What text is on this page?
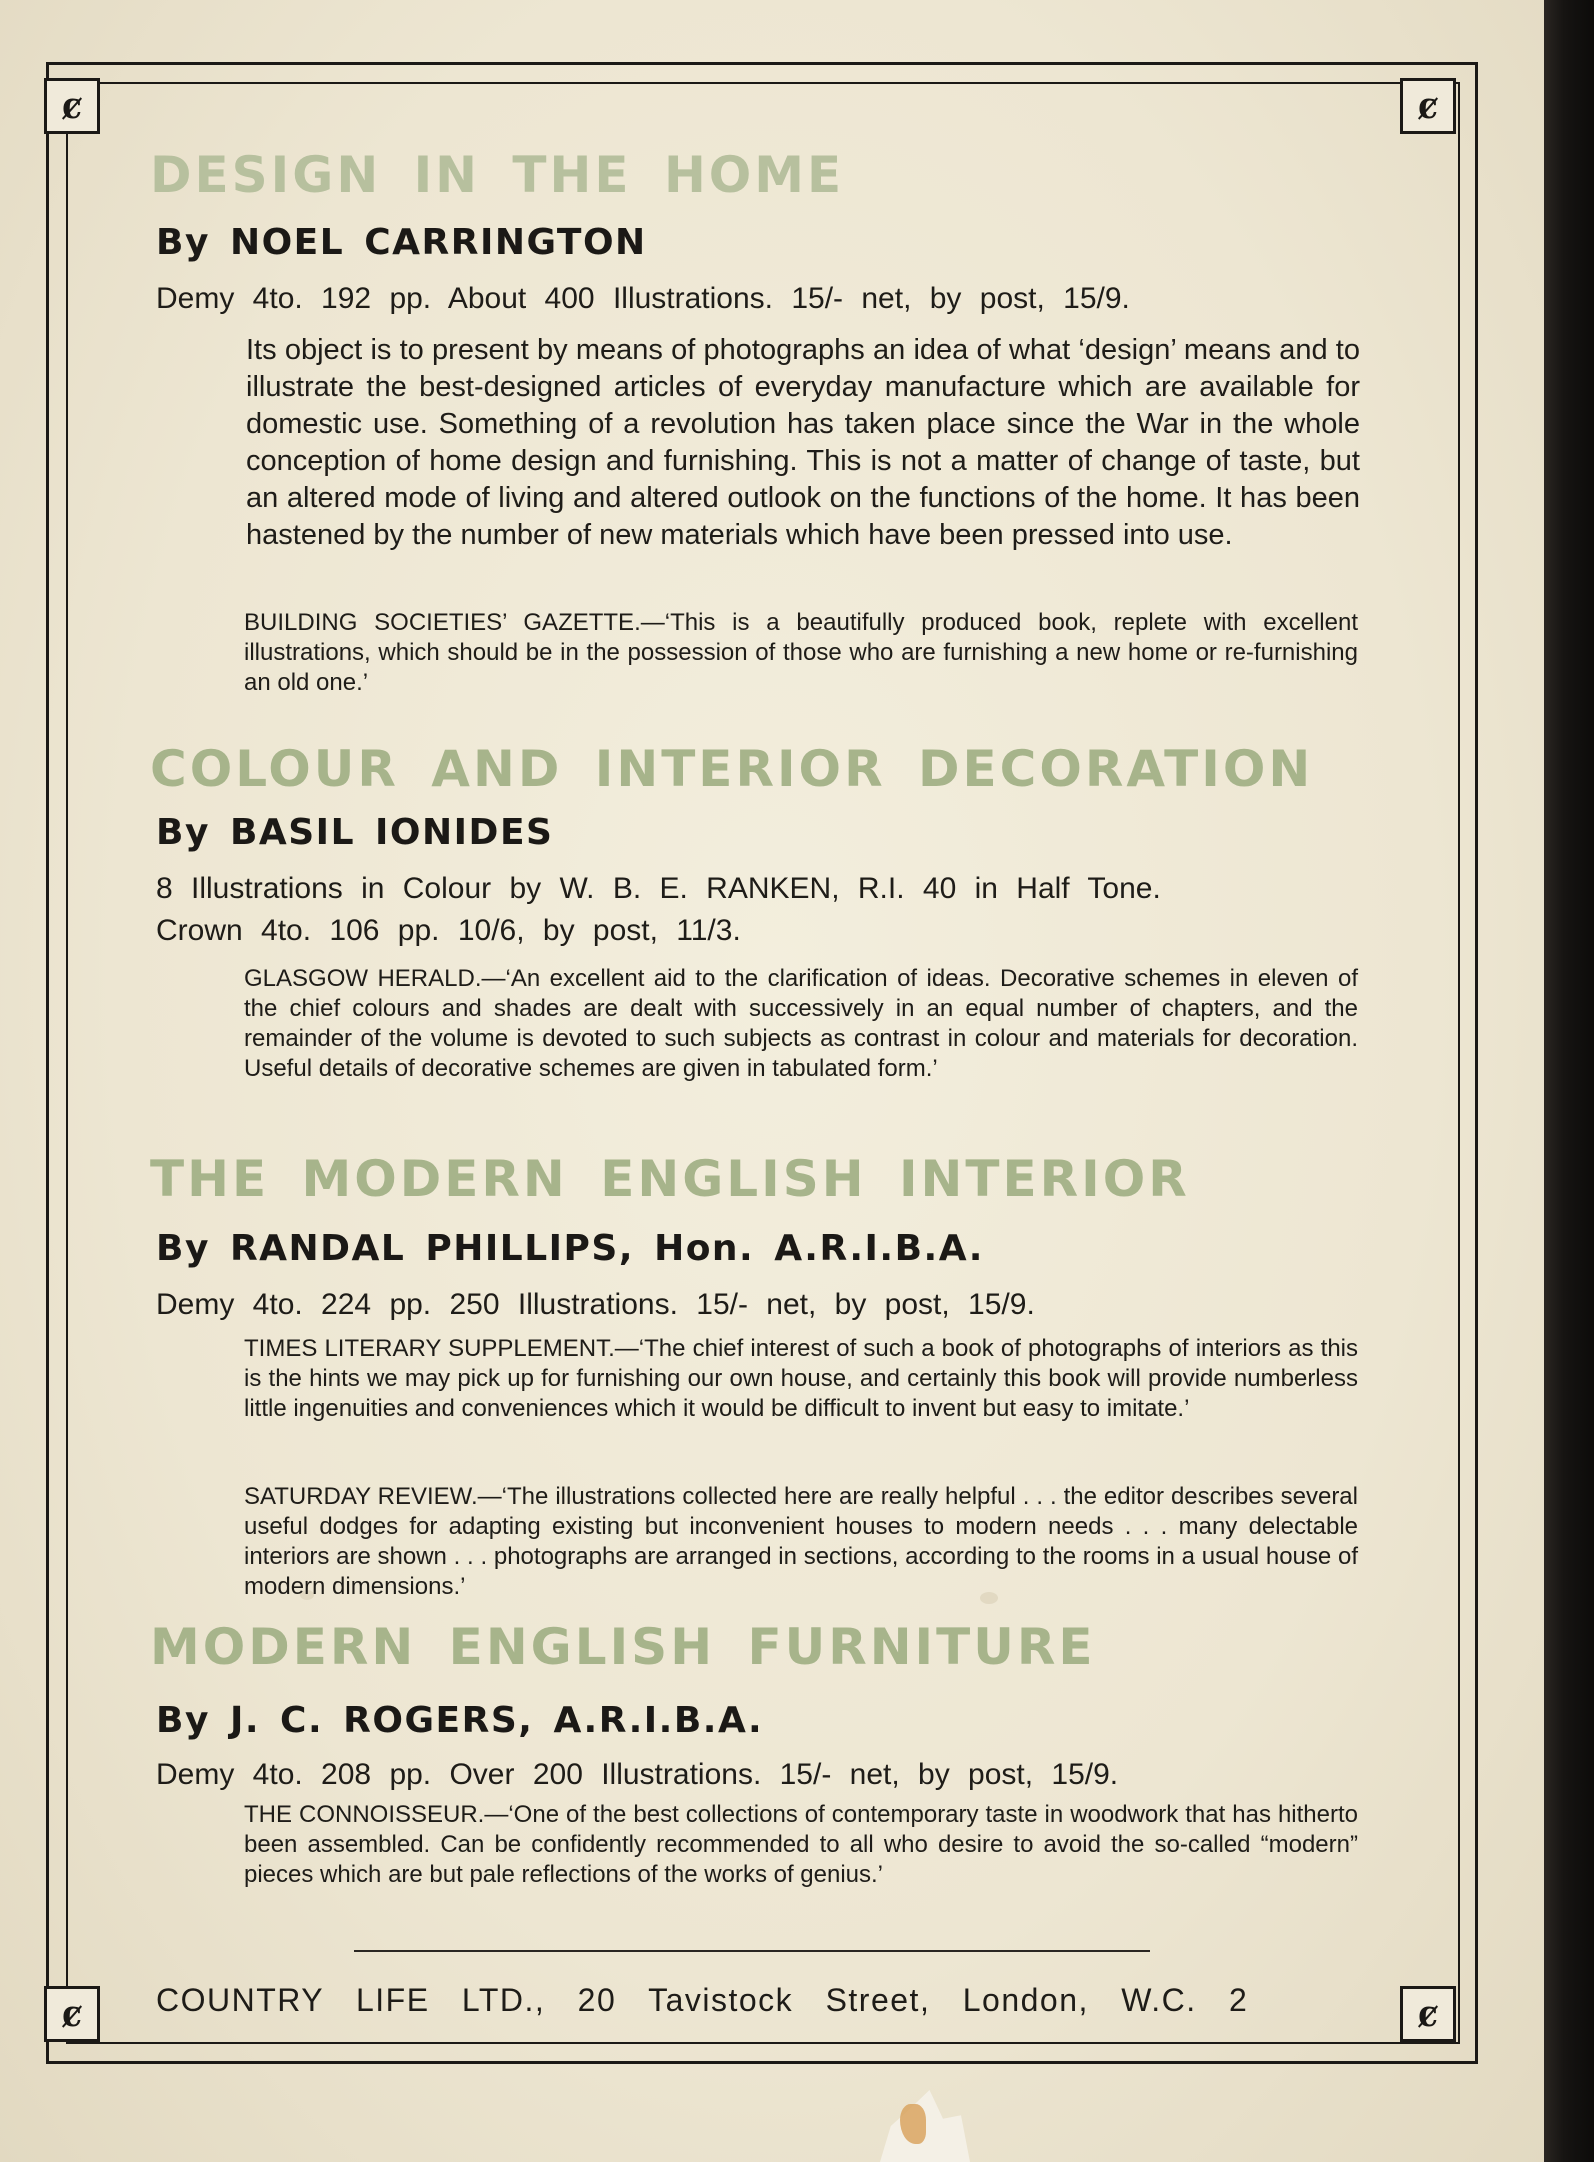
ȼ	ȼ
ȼ	ȼ
DESIGN IN THE HOME

By NOEL CARRINGTON

Demy 4to. 192 pp. About 400 Illustrations. 15/- net, by post, 15/9.

Its object is to present by means of photographs an idea of what ‘design’ means and to illustrate the best-designed articles of everyday manufacture which are available for domestic use. Something of a revolution has taken place since the War in the whole conception of home design and furnishing. This is not a matter of change of taste, but an altered mode of living and altered outlook on the functions of the home. It has been hastened by the number of new materials which have been pressed into use.

BUILDING SOCIETIES’ GAZETTE.—‘This is a beautifully produced book, replete with excellent illustrations, which should be in the possession of those who are furnishing a new home or re-furnishing an old one.’

COLOUR AND INTERIOR DECORATION

By BASIL IONIDES

8 Illustrations in Colour by W. B. E. RANKEN, R.I. 40 in Half Tone.

Crown 4to. 106 pp. 10/6, by post, 11/3.

GLASGOW HERALD.—‘An excellent aid to the clarification of ideas. Decorative schemes in eleven of the chief colours and shades are dealt with successively in an equal number of chapters, and the remainder of the volume is devoted to such subjects as contrast in colour and materials for decoration. Useful details of decorative schemes are given in tabulated form.’

THE MODERN ENGLISH INTERIOR

By RANDAL PHILLIPS, Hon. A.R.I.B.A.

Demy 4to. 224 pp. 250 Illustrations. 15/- net, by post, 15/9.

TIMES LITERARY SUPPLEMENT.—‘The chief interest of such a book of photographs of interiors as this is the hints we may pick up for furnishing our own house, and certainly this book will provide numberless little ingenuities and conveniences which it would be difficult to invent but easy to imitate.’

SATURDAY REVIEW.—‘The illustrations collected here are really helpful . . . the editor describes several useful dodges for adapting existing but inconvenient houses to modern needs . . . many delectable interiors are shown . . . photographs are arranged in sections, according to the rooms in a usual house of modern dimensions.’

MODERN ENGLISH FURNITURE

By J. C. ROGERS, A.R.I.B.A.

Demy 4to. 208 pp. Over 200 Illustrations. 15/- net, by post, 15/9.

THE CONNOISSEUR.—‘One of the best collections of contemporary taste in woodwork that has hitherto been assembled. Can be confidently recommended to all who desire to avoid the so-called “modern” pieces which are but pale reflections of the works of genius.’

COUNTRY LIFE LTD., 20 Tavistock Street, London, W.C. 2
